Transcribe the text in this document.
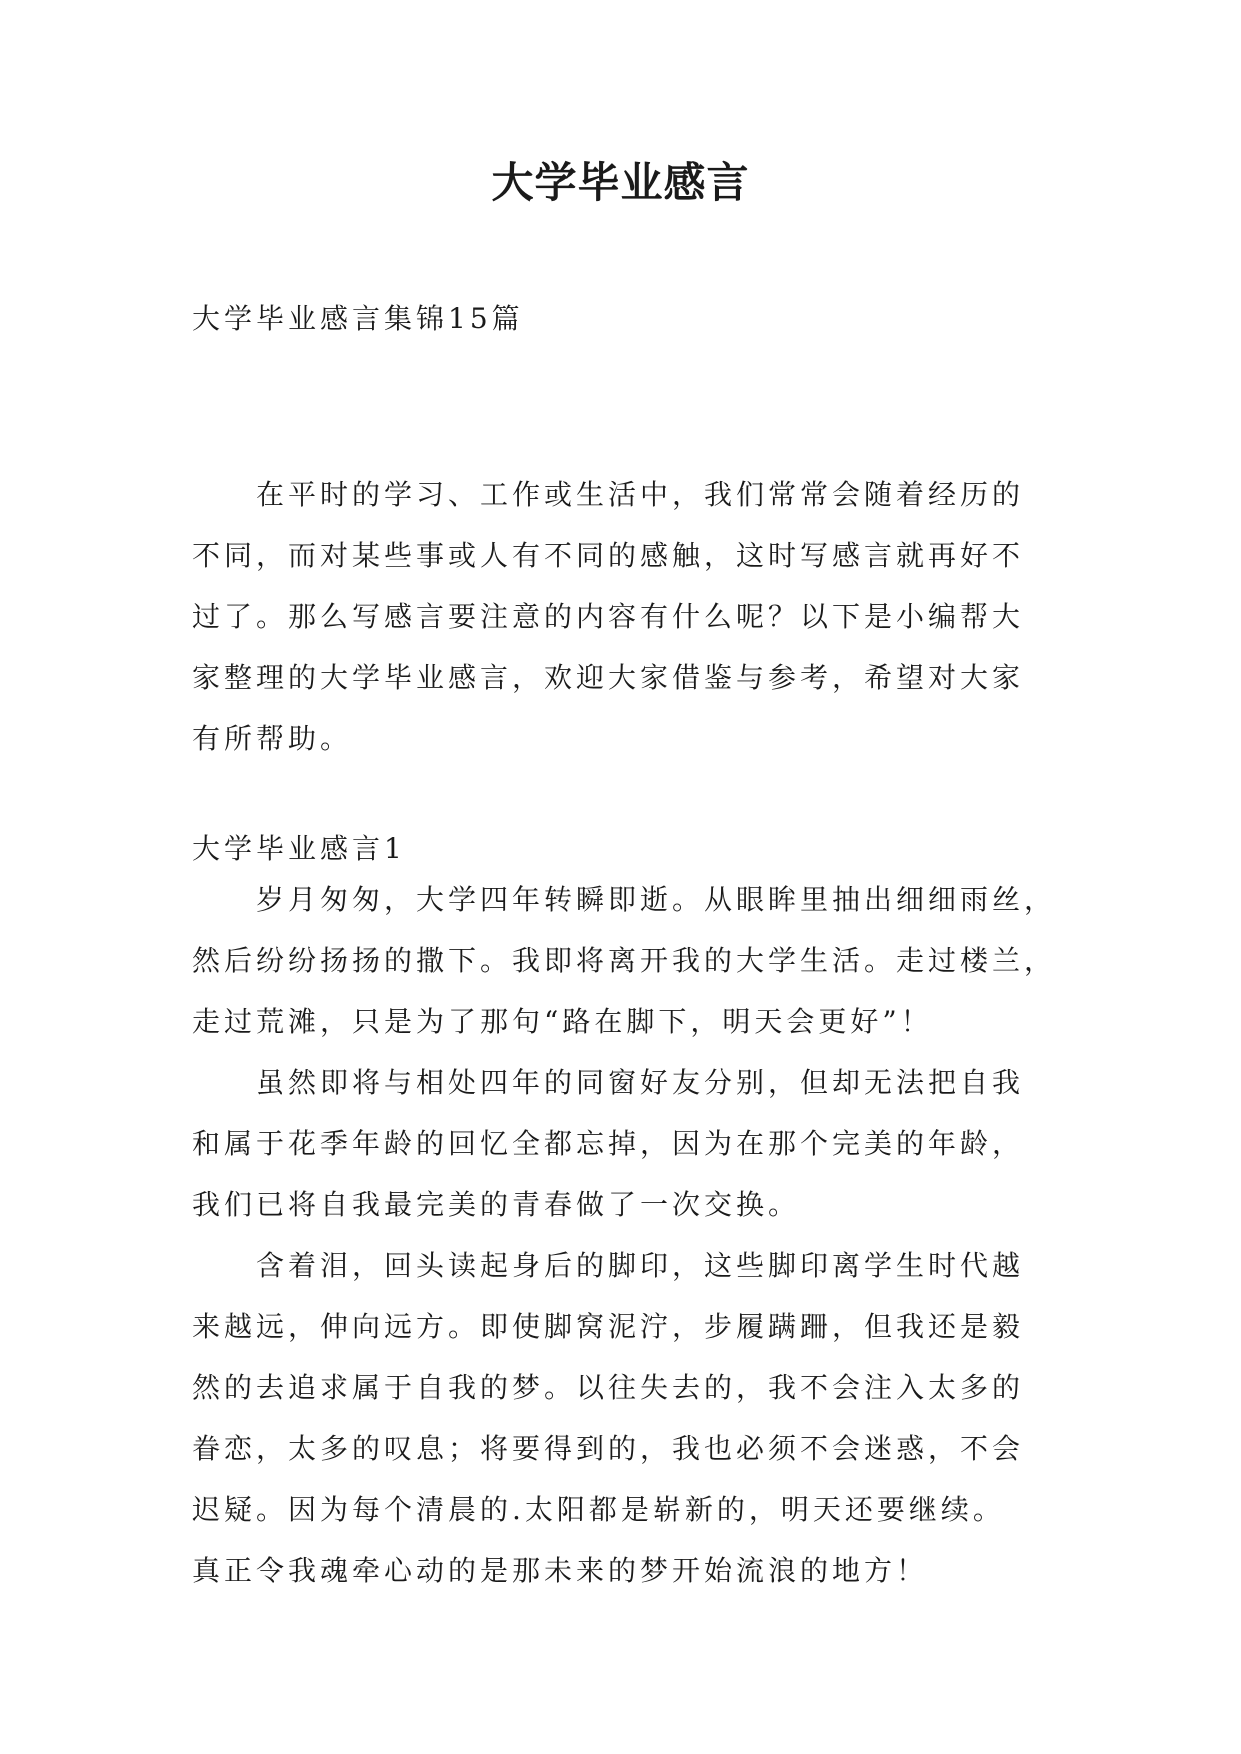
大学毕业感言

大学毕业感言集锦15篇

在平时的学习、工作或生活中，我们常常会随着经历的
不同，而对某些事或人有不同的感触，这时写感言就再好不
过了。那么写感言要注意的内容有什么呢？以下是小编帮大
家整理的大学毕业感言，欢迎大家借鉴与参考，希望对大家
有所帮助。

大学毕业感言1

岁月匆匆，大学四年转瞬即逝。从眼眸里抽出细细雨丝，
然后纷纷扬扬的撒下。我即将离开我的大学生活。走过楼兰，
走过荒滩，只是为了那句“路在脚下，明天会更好”！

虽然即将与相处四年的同窗好友分别，但却无法把自我
和属于花季年龄的回忆全都忘掉，因为在那个完美的年龄，
我们已将自我最完美的青春做了一次交换。

含着泪，回头读起身后的脚印，这些脚印离学生时代越
来越远，伸向远方。即使脚窝泥泞，步履蹒跚，但我还是毅
然的去追求属于自我的梦。以往失去的，我不会注入太多的
眷恋，太多的叹息；将要得到的，我也必须不会迷惑，不会
迟疑。因为每个清晨的.太阳都是崭新的，明天还要继续。
真正令我魂牵心动的是那未来的梦开始流浪的地方！
